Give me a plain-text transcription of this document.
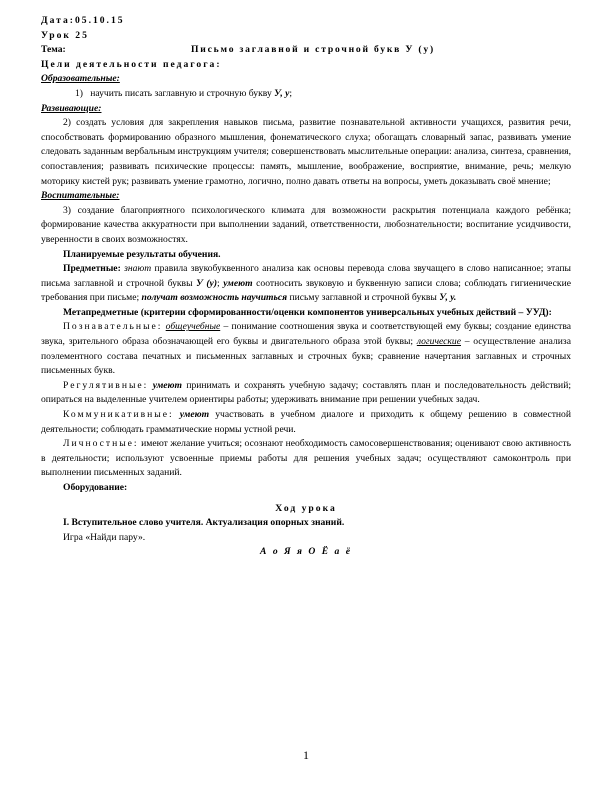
Дата:05.10.15
Урок 25
Тема:	Письмо заглавной и строчной букв У (у)
Цели деятельности педагога:
Образовательные:
1) научить писать заглавную и строчную букву У, у;
Развивающие:

2) создать условия для закрепления навыков письма, развитие познавательной активности учащихся, развития речи, способствовать формированию образного мышления, фонематического слуха; обогащать словарный запас, развивать умение следовать заданным вербальным инструкциям учителя; совершенствовать мыслительные операции: анализа, синтеза, сравнения, сопоставления; развивать психические процессы: память, мышление, воображение, восприятие, внимание, речь; мелкую моторику кистей рук; развивать умение грамотно, логично, полно давать ответы на вопросы, уметь доказывать своё мнение;

Воспитательные:

3) создание благоприятного психологического климата для возможности раскрытия потенциала каждого ребёнка; формирование качества аккуратности при выполнении заданий, ответственности, любознательности; воспитание усидчивости, уверенности в своих возможностях.

Планируемые результаты обучения.

Предметные: знают правила звукобуквенного анализа как основы перевода слова звучащего в слово написанное; этапы письма заглавной и строчной буквы У (у); умеют соотносить звуковую и буквенную записи слова; соблюдать гигиенические требования при письме; получат возможность научиться письму заглавной и строчной буквы У, у.

Метапредметные (критерии сформированности/оценки компонентов универсальных учебных действий – УУД):

Познавательные: общеучебные – понимание соотношения звука и соответствующей ему буквы; создание единства звука, зрительного образа обозначающей его буквы и двигательного образа этой буквы; логические – осуществление анализа поэлементного состава печатных и письменных заглавных и строчных букв; сравнение начертания заглавных и строчных письменных букв.

Регулятивные: умеют принимать и сохранять учебную задачу; составлять план и последовательность действий; опираться на выделенные учителем ориентиры работы; удерживать внимание при решении учебных задач.

Коммуникативные: умеют участвовать в учебном диалоге и приходить к общему решению в совместной деятельности; соблюдать грамматические нормы устной речи.

Личностные: имеют желание учиться; осознают необходимость самосовершенствования; оценивают свою активность в деятельности; используют усвоенные приемы работы для решения учебных задач; осуществляют самоконтроль при выполнении письменных заданий.

Оборудование:
Ход урока
I. Вступительное слово учителя. Актуализация опорных знаний.
Игра «Найди пару».
А о Я я О Ё а ё
1
